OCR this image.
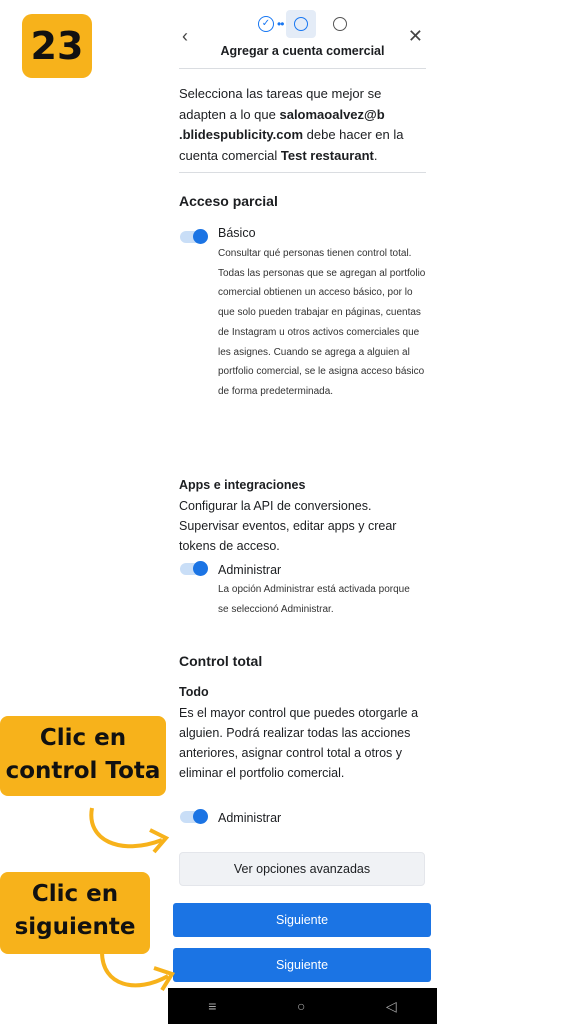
23	‹
✓ ••
✕
Agregar a cuenta comercial
Selecciona las tareas que mejor se adapten a lo que salomaoalvez@b .blidespublicity.com debe hacer en la cuenta comercial Test restaurant.
Acceso parcial
Básico
Consultar qué personas tienen control total. Todas las personas que se agregan al portfolio comercial obtienen un acceso básico, por lo que solo pueden trabajar en páginas, cuentas de Instagram u otros activos comerciales que les asignes. Cuando se agrega a alguien al portfolio comercial, se le asigna acceso básico de forma predeterminada.
Apps e integraciones
Configurar la API de conversiones. Supervisar eventos, editar apps y crear tokens de acceso.
Administrar
La opción Administrar está activada porque se seleccionó Administrar.
Control total
Todo
Es el mayor control que puedes otorgarle a alguien. Podrá realizar todas las acciones anteriores, asignar control total a otros y eliminar el portfolio comercial.
Administrar
Ver opciones avanzadas
Siguiente
Siguiente
≡	○	◁
Clic en control Tota
Clic en siguiente
